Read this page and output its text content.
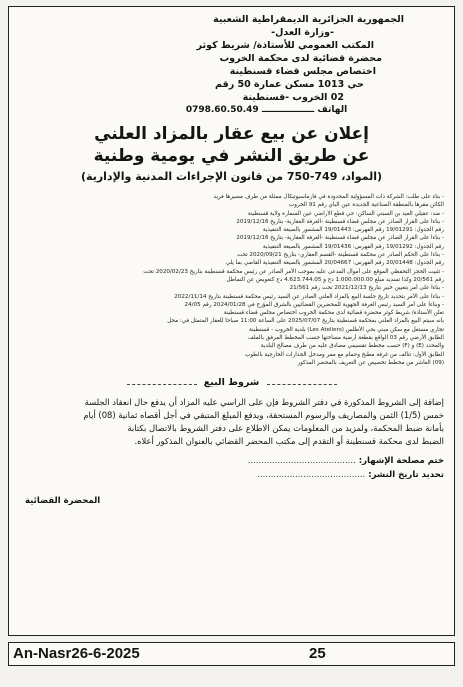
الجمهورية الجزائرية الديمقراطية الشعبية
-وزارة العدل-
المكتب العمومي للأستاذة/ شريط كوثر
محضرة قضائية لدى محكمة الخروب
اختصاص مجلس قضاء قسنطينة
حي 1013 مسكن عمارة 50 رقم
02 الخروب -قسنطينة
الهاتف ـــــــــــــــــ 0798.60.50.49
إعلان عن بيع عقار بالمزاد العلني
عن طريق النشر في يومية وطنية
(المواد، 749-750 من قانون الإجراءات المدنية والإدارية)
- بناء على طلب: الشركة ذات المسؤولية المحدودة في فارماسيوتيكال ممثلة من طرف مسيرها فريد
الكائن مقرها بالمنطقة الصناعية الجديدة عين الباي رقم 91 الخروب
- ضد: عقيلي العيد بن السبتي الساكن: حي قطع الأراضي عين السمارة ولاية قسنطينة
- بناءا على القرار الصادر عن مجلس قضاء قسنطينة -الغرفة العقارية- بتاريخ 2019/12/16
رقم الجدول: 19/01291 رقم الفهرس: 19/01443 المشمور بالصيغة التنفيذية
- بناءا على القرار الصادر عن مجلس قضاء قسنطينة -الغرفة العقارية- بتاريخ 2019/12/16
رقم الجدول: 19/01292 رقم الفهرس: 19/01436 المشمور بالصيغة التنفيذية
- بناءا على الحكم الصادر عن محكمة قسنطينة -القسم العقاري- بتاريخ 2020/09/21 تحت
رقم الجدول: 20/01448 رقم الفهرس: 20/04667 المشمور بالصيغة التنفيذية القاضي بما يلي
- تثبيت الحجز التحفظي الموقع على أموال المدعى عليه بموجب الأمر الصادر عن رئيس محكمة قسنطينة بتاريخ 2020/02/23 تحت
رقم 20/561 وكذا تسديد مبلغ 1.000.000.00 دج و 4.623.744.05 دج كتعويض عن التماطل
- بناءا على أمر بتعيين خبير بتاريخ 2021/12/13 تحت رقم 21/561
- بناءا على الأمر بتحديد تاريخ جلسة البيع بالمزاد العلني الصادر عن السيد رئيس محكمة قسنطينة بتاريخ 2022/11/14
- وبناءا على أمر السيد رئيس الغرفة الجهوية للمحضرين القضائيين بالشرق المؤرخ في 2024/01/28 رقم 24/05
تعلن الأستاذة/ شريط كوثر محضرة قضائية لدى محكمة الخروب اختصاص مجلس قضاء قسنطينة
بأنه سيتم البيع بالمزاد العلني بمحكمة قسنطينة بتاريخ 2025/07/07 على الساعة 11:00 صباحا للعقار المتمثل في: محل
تجاري مستغل مع سكن مبني بحي الأطلس (Les Ateliers) بلدية الخروب - قسنطينة
الطابق الأرضي رقم 03 الواقع بقطعة أرضية مساحتها حسب المخطط المرفق بالملف
والمحدد (E) و (F) حسب مخطط تقسيمي مصادق عليه من طرف مصالح البلدية
الطابق الأول: تتألف من غرفة مطبخ وحمام مع ممر ومدخل الجدارات الخارجية بالطوب
(09) العاشر من مخطط تخصيص عن التعريف بالمحضر المذكور
شروط البيع
إضافة إلى الشروط المذكورة في دفتر الشروط فإن على الراسي عليه المزاد أن يدفع حال انعقاد الجلسة
خمس (1/5) الثمن والمصاريف والرسوم المستحقة، ويدفع المبلغ المتبقي في أجل أقصاه ثمانية (08) أيام
بأمانة ضبط المحكمة، ولمزيد من المعلومات يمكن الاطلاع على دفتر الشروط بالاتصال بكتابة
الضبط لدى محكمة قسنطينة أو التقدم إلى مكتب المحضر القضائي بالعنوان المذكور أعلاه.
ختم مصلحة الإشهار: ........................................
تحديد تاريخ النشر: ........................................
المحضرة القضائية
An-Nasr26-6-2025	25
